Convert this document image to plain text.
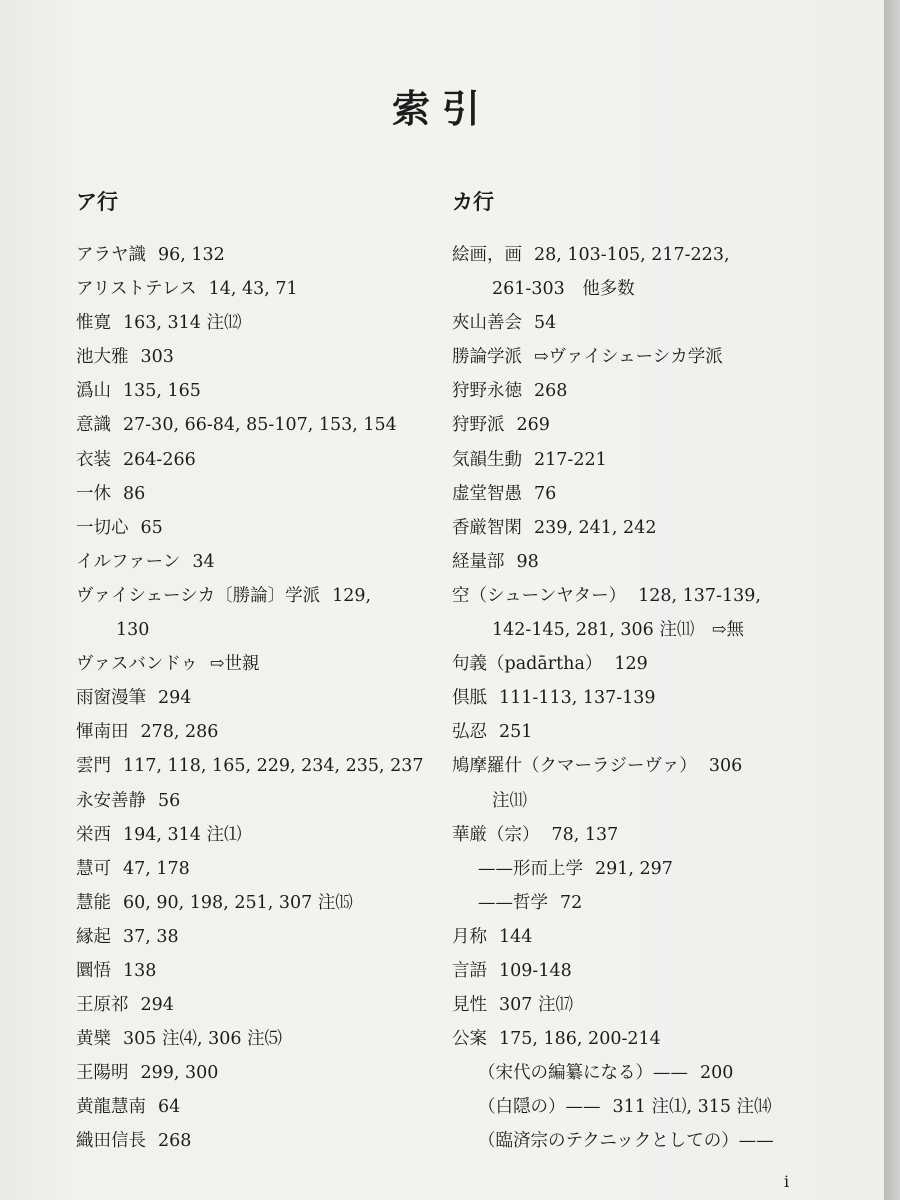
索引
ア行
アラヤ識 96, 132
アリストテレス 14, 43, 71
惟寛 163, 314 注⑿
池大雅 303
潙山 135, 165
意識 27-30, 66-84, 85-107, 153, 154
衣装 264-266
一休 86
一切心 65
イルファーン 34
ヴァイシェーシカ〔勝論〕学派 129,
130
ヴァスバンドゥ ⇨世親
雨窗漫筆 294
惲南田 278, 286
雲門 117, 118, 165, 229, 234, 235, 237
永安善静 56
栄西 194, 314 注⑴
慧可 47, 178
慧能 60, 90, 198, 251, 307 注⒂
縁起 37, 38
圜悟 138
王原祁 294
黄檗 305 注⑷, 306 注⑸
王陽明 299, 300
黄龍慧南 64
織田信長 268
カ行
絵画，画 28, 103-105, 217-223,
261-303　他多数
夾山善会 54
勝論学派 ⇨ヴァイシェーシカ学派
狩野永徳 268
狩野派 269
気韻生動 217-221
虚堂智愚 76
香厳智閑 239, 241, 242
経量部 98
空（シューンヤター） 128, 137-139,
142-145, 281, 306 注⑾　⇨無
句義（padārtha） 129
倶胝 111-113, 137-139
弘忍 251
鳩摩羅什（クマーラジーヴァ） 306
注⑾
華厳（宗） 78, 137
——形而上学 291, 297
——哲学 72
月称 144
言語 109-148
見性 307 注⒄
公案 175, 186, 200-214
（宋代の編纂になる）—— 200
（白隠の）—— 311 注⑴, 315 注⒁
（臨済宗のテクニックとしての）——
i
